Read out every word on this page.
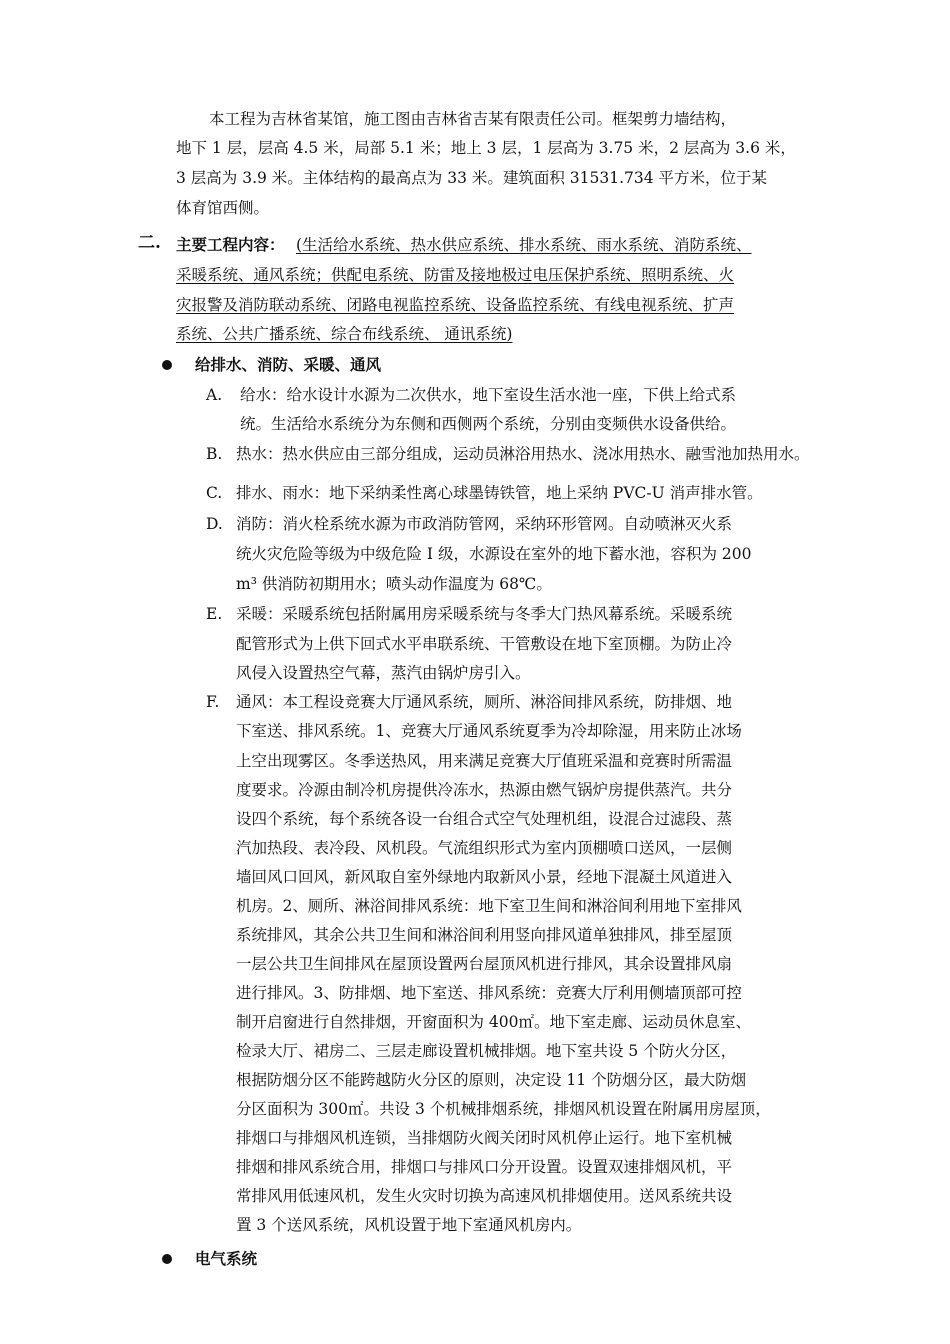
本工程为吉林省某馆，施工图由吉林省吉某有限责任公司。框架剪力墙结构，
地下 1 层，层高 4.5 米，局部 5.1 米；地上 3 层，1 层高为 3.75 米，2 层高为 3.6 米，
3 层高为 3.9 米。主体结构的最高点为 33 米。建筑面积 31531.734 平方米，位于某
体育馆西侧。
二. 主要工程内容： (生活给水系统、热水供应系统、排水系统、雨水系统、消防系统、
采暖系统、通风系统；供配电系统、防雷及接地极过电压保护系统、照明系统、火
灾报警及消防联动系统、闭路电视监控系统、设备监控系统、有线电视系统、扩声
系统、公共广播系统、综合布线系统、 通讯系统)
给排水、消防、采暖、通风
A. 给水：给水设计水源为二次供水，地下室设生活水池一座，下供上给式系
统。生活给水系统分为东侧和西侧两个系统，分别由变频供水设备供给。
B. 热水：热水供应由三部分组成，运动员淋浴用热水、浇冰用热水、融雪池加热用水。
C. 排水、雨水：地下采纳柔性离心球墨铸铁管，地上采纳 PVC-U 消声排水管。
D. 消防：消火栓系统水源为市政消防管网，采纳环形管网。自动喷淋灭火系
统火灾危险等级为中级危险 I 级，水源设在室外的地下蓄水池，容积为 200
m³ 供消防初期用水；喷头动作温度为 68℃。
E. 采暖：采暖系统包括附属用房采暖系统与冬季大门热风幕系统。采暖系统
配管形式为上供下回式水平串联系统、干管敷设在地下室顶棚。为防止冷
风侵入设置热空气幕，蒸汽由锅炉房引入。
F. 通风：本工程设竞赛大厅通风系统，厕所、淋浴间排风系统，防排烟、地
下室送、排风系统。1、竞赛大厅通风系统夏季为冷却除湿，用来防止冰场
上空出现雾区。冬季送热风，用来满足竞赛大厅值班采温和竞赛时所需温
度要求。冷源由制冷机房提供冷冻水，热源由燃气锅炉房提供蒸汽。共分
设四个系统，每个系统各设一台组合式空气处理机组，设混合过滤段、蒸
汽加热段、表冷段、风机段。气流组织形式为室内顶棚喷口送风，一层侧
墙回风口回风，新风取自室外绿地内取新风小景，经地下混凝土风道进入
机房。2、厕所、淋浴间排风系统：地下室卫生间和淋浴间利用地下室排风
系统排风，其余公共卫生间和淋浴间利用竖向排风道单独排风，排至屋顶
一层公共卫生间排风在屋顶设置两台屋顶风机进行排风，其余设置排风扇
进行排风。3、防排烟、地下室送、排风系统：竞赛大厅利用侧墙顶部可控
制开启窗进行自然排烟，开窗面积为 400㎡。地下室走廊、运动员休息室、
检录大厅、裙房二、三层走廊设置机械排烟。地下室共设 5 个防火分区，
根据防烟分区不能跨越防火分区的原则，决定设 11 个防烟分区，最大防烟
分区面积为 300㎡。共设 3 个机械排烟系统，排烟风机设置在附属用房屋顶，
排烟口与排烟风机连锁，当排烟防火阀关闭时风机停止运行。地下室机械
排烟和排风系统合用，排烟口与排风口分开设置。设置双速排烟风机，平
常排风用低速风机，发生火灾时切换为高速风机排烟使用。送风系统共设
置 3 个送风系统，风机设置于地下室通风机房内。
电气系统
